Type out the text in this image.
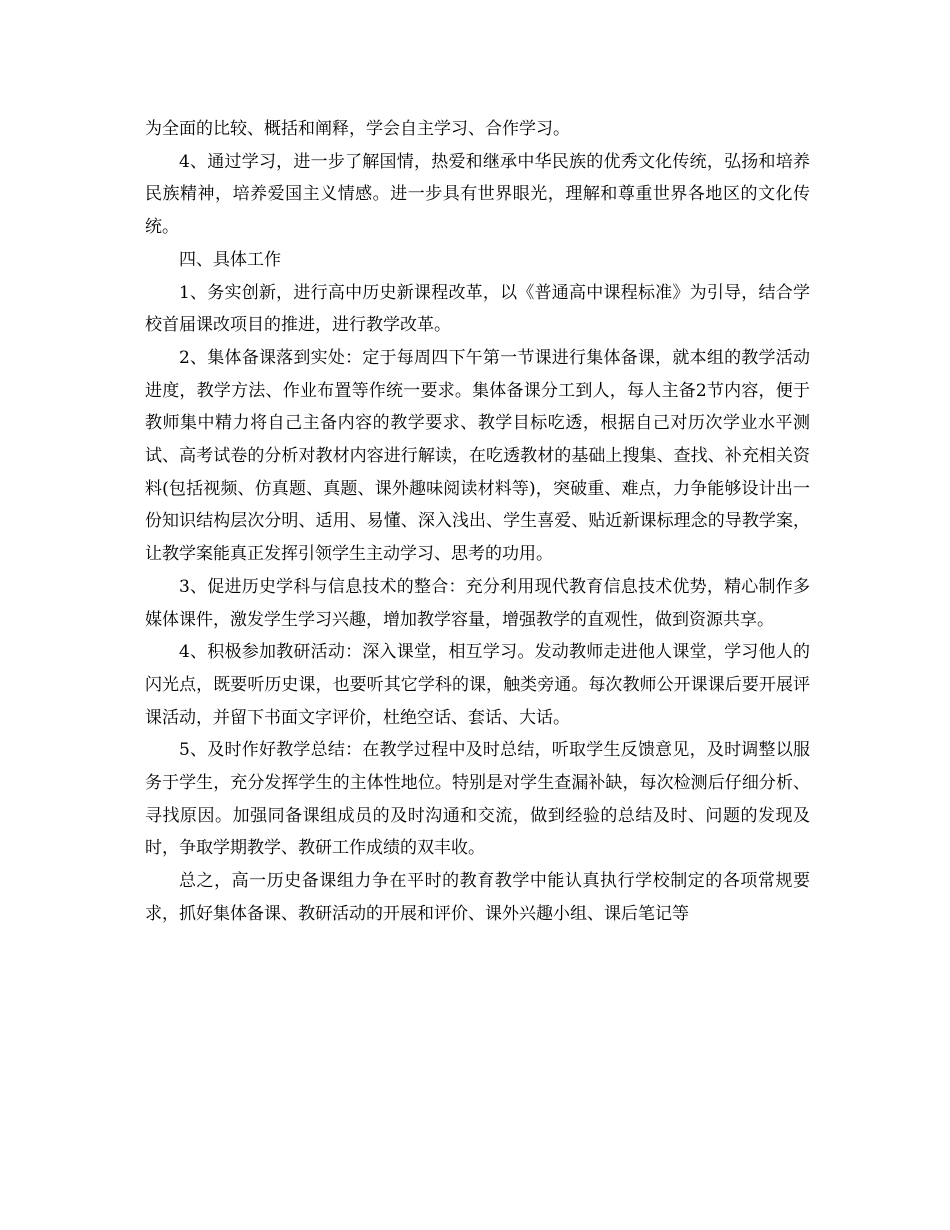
为全面的比较、概括和阐释，学会自主学习、合作学习。

4、通过学习，进一步了解国情，热爱和继承中华民族的优秀文化传统，弘扬和培养民族精神，培养爱国主义情感。进一步具有世界眼光，理解和尊重世界各地区的文化传统。

四、具体工作

1、务实创新，进行高中历史新课程改革，以《普通高中课程标准》为引导，结合学校首届课改项目的推进，进行教学改革。

2、集体备课落到实处：定于每周四下午第一节课进行集体备课，就本组的教学活动进度，教学方法、作业布置等作统一要求。集体备课分工到人，每人主备2节内容，便于教师集中精力将自己主备内容的教学要求、教学目标吃透，根据自己对历次学业水平测试、高考试卷的分析对教材内容进行解读，在吃透教材的基础上搜集、查找、补充相关资料(包括视频、仿真题、真题、课外趣味阅读材料等)，突破重、难点，力争能够设计出一份知识结构层次分明、适用、易懂、深入浅出、学生喜爱、贴近新课标理念的导教学案，让教学案能真正发挥引领学生主动学习、思考的功用。

3、促进历史学科与信息技术的整合：充分利用现代教育信息技术优势，精心制作多媒体课件，激发学生学习兴趣，增加教学容量，增强教学的直观性，做到资源共享。

4、积极参加教研活动：深入课堂，相互学习。发动教师走进他人课堂，学习他人的闪光点，既要听历史课，也要听其它学科的课，触类旁通。每次教师公开课课后要开展评课活动，并留下书面文字评价，杜绝空话、套话、大话。

5、及时作好教学总结：在教学过程中及时总结，听取学生反馈意见，及时调整以服务于学生，充分发挥学生的主体性地位。特别是对学生查漏补缺，每次检测后仔细分析、寻找原因。加强同备课组成员的及时沟通和交流，做到经验的总结及时、问题的发现及时，争取学期教学、教研工作成绩的双丰收。

总之，高一历史备课组力争在平时的教育教学中能认真执行学校制定的各项常规要求，抓好集体备课、教研活动的开展和评价、课外兴趣小组、课后笔记等
